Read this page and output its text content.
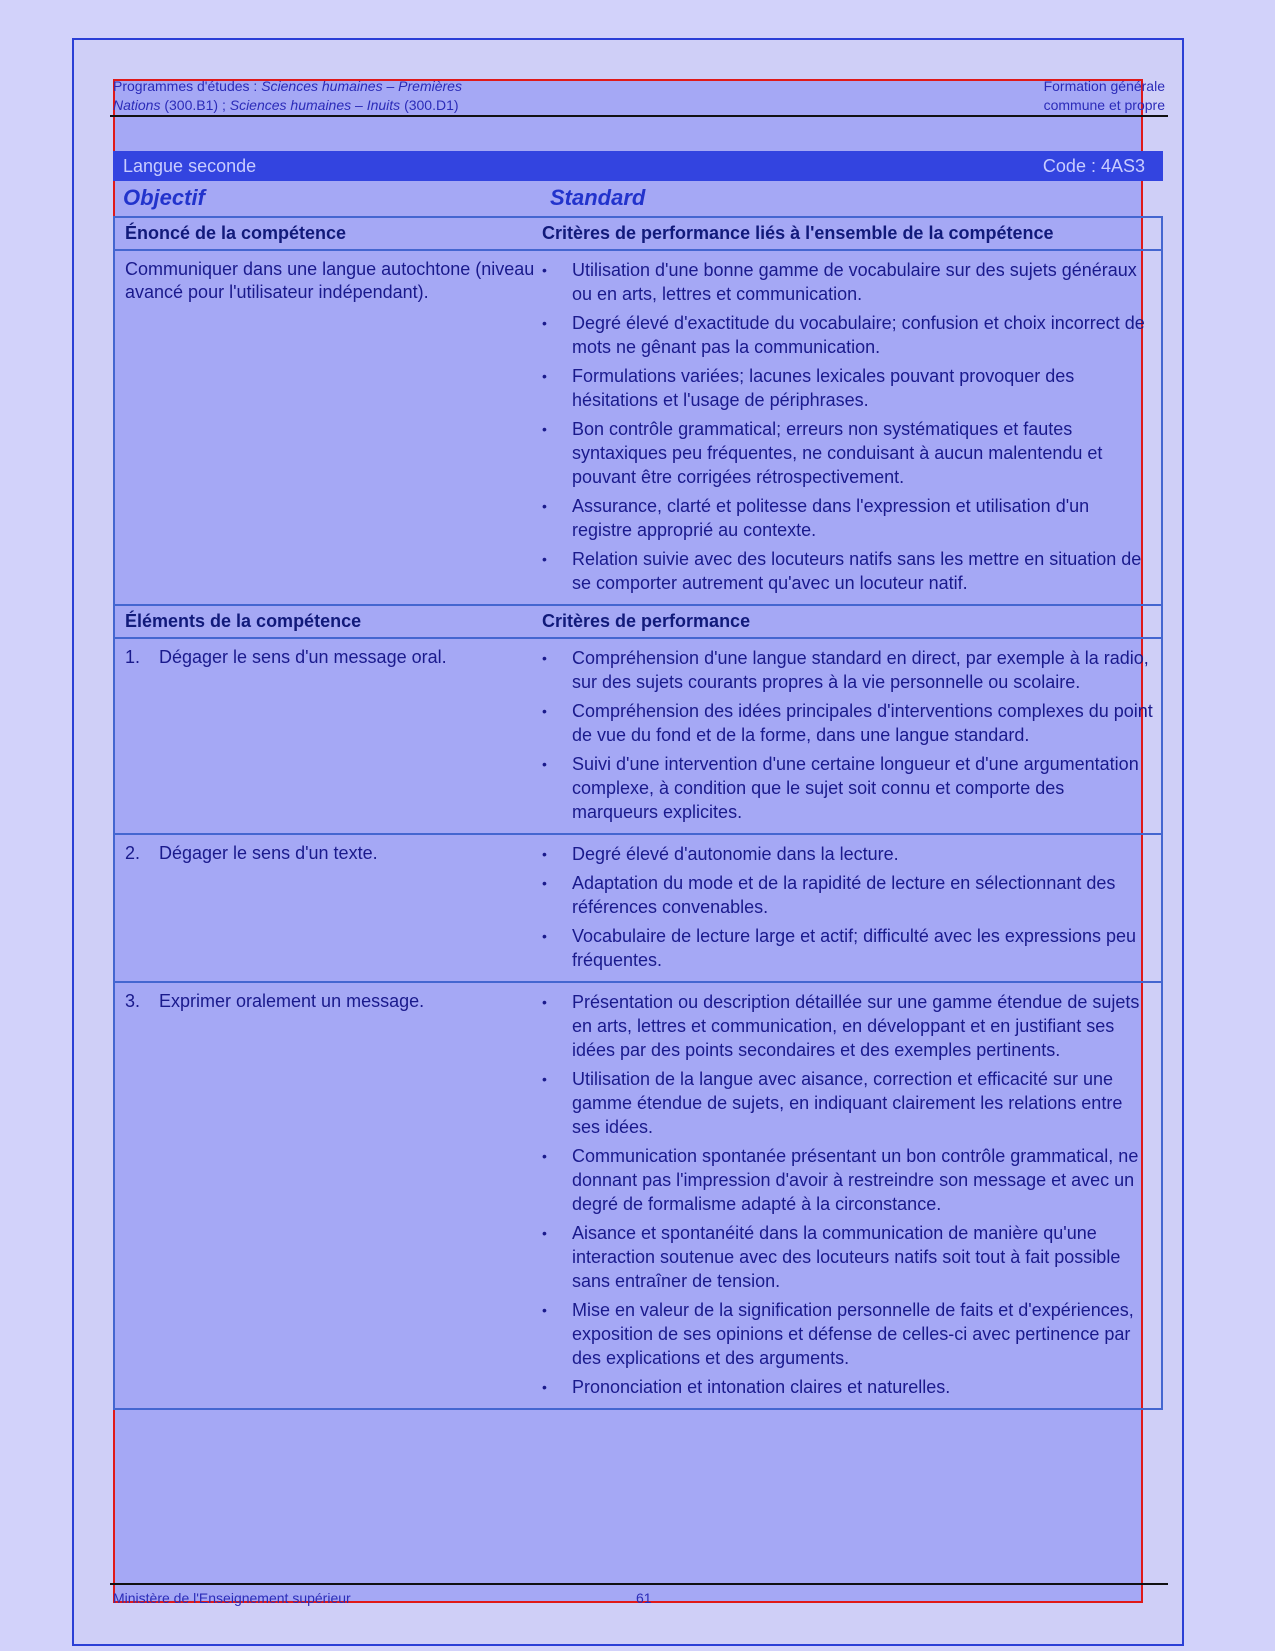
Programmes d'études : Sciences humaines – Premières	Formation générale
Nations (300.B1) ; Sciences humaines – Inuits (300.D1)	commune et propre
Langue seconde	Code : 4AS3
Objectif	Standard
Énoncé de la compétence	Critères de performance liés à l'ensemble de la compétence
Communiquer dans une langue autochtone (niveau avancé pour l'utilisateur indépendant).
•	Utilisation d'une bonne gamme de vocabulaire sur des sujets généraux ou en arts, lettres et communication.
•	Degré élevé d'exactitude du vocabulaire; confusion et choix incorrect de mots ne gênant pas la communication.
•	Formulations variées; lacunes lexicales pouvant provoquer des hésitations et l'usage de périphrases.
•	Bon contrôle grammatical; erreurs non systématiques et fautes syntaxiques peu fréquentes, ne conduisant à aucun malentendu et pouvant être corrigées rétrospectivement.
•	Assurance, clarté et politesse dans l'expression et utilisation d'un registre approprié au contexte.
•	Relation suivie avec des locuteurs natifs sans les mettre en situation de se comporter autrement qu'avec un locuteur natif.
Éléments de la compétence	Critères de performance
1. Dégager le sens d'un message oral.	•	Compréhension d'une langue standard en direct, par exemple à la radio, sur des sujets courants propres à la vie personnelle ou scolaire.
•	Compréhension des idées principales d'interventions complexes du point de vue du fond et de la forme, dans une langue standard.
•	Suivi d'une intervention d'une certaine longueur et d'une argumentation complexe, à condition que le sujet soit connu et comporte des marqueurs explicites.
2. Dégager le sens d'un texte.	•	Degré élevé d'autonomie dans la lecture.
•	Adaptation du mode et de la rapidité de lecture en sélectionnant des références convenables.
•	Vocabulaire de lecture large et actif; difficulté avec les expressions peu fréquentes.
3. Exprimer oralement un message.	•	Présentation ou description détaillée sur une gamme étendue de sujets en arts, lettres et communication, en développant et en justifiant ses idées par des points secondaires et des exemples pertinents.
•	Utilisation de la langue avec aisance, correction et efficacité sur une gamme étendue de sujets, en indiquant clairement les relations entre ses idées.
•	Communication spontanée présentant un bon contrôle grammatical, ne donnant pas l'impression d'avoir à restreindre son message et avec un degré de formalisme adapté à la circonstance.
•	Aisance et spontanéité dans la communication de manière qu'une interaction soutenue avec des locuteurs natifs soit tout à fait possible sans entraîner de tension.
•	Mise en valeur de la signification personnelle de faits et d'expériences, exposition de ses opinions et défense de celles-ci avec pertinence par des explications et des arguments.
•	Prononciation et intonation claires et naturelles.
Ministère de l'Enseignement supérieur	61
